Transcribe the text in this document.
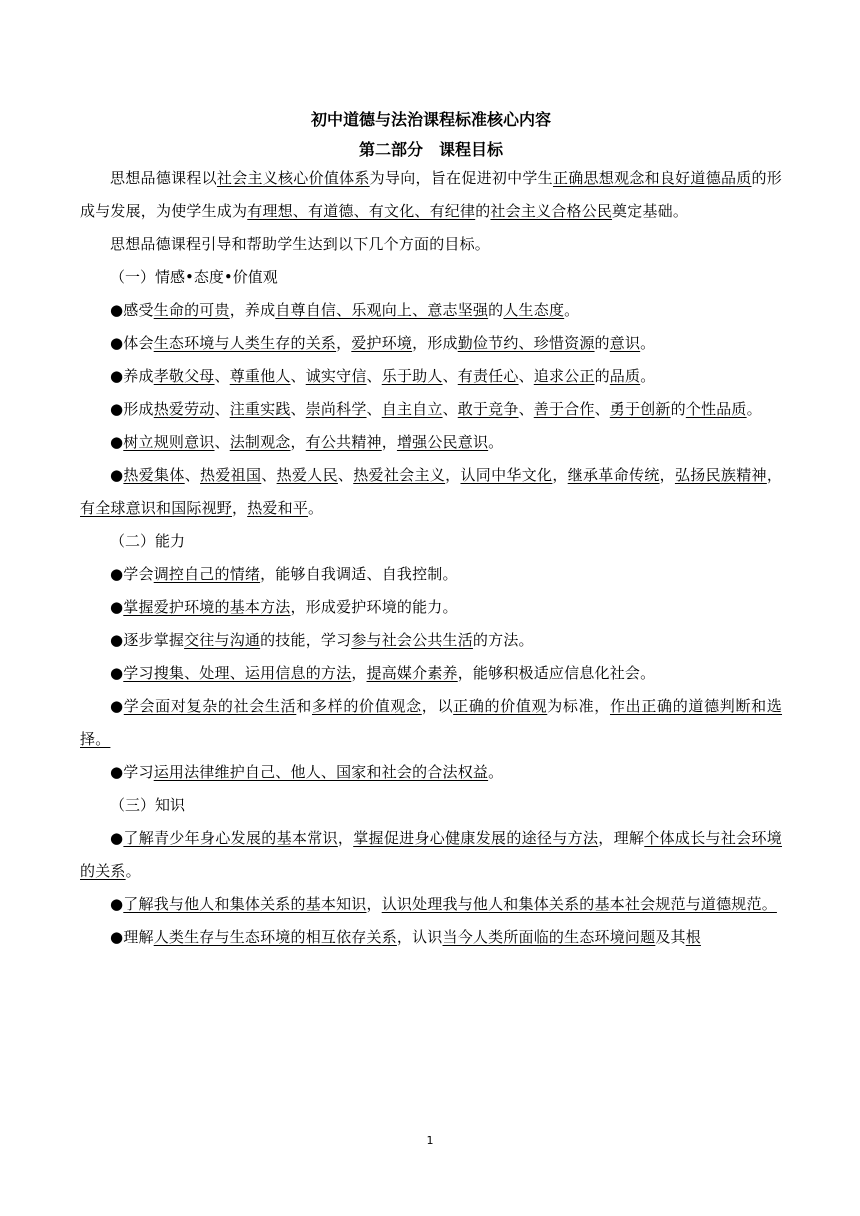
初中道德与法治课程标准核心内容
第二部分　课程目标

思想品德课程以社会主义核心价值体系为导向，旨在促进初中学生正确思想观念和良好道德品质的形成与发展，为使学生成为有理想、有道德、有文化、有纪律的社会主义合格公民奠定基础。

思想品德课程引导和帮助学生达到以下几个方面的目标。

（一）情感•态度•价值观

●感受生命的可贵，养成自尊自信、乐观向上、意志坚强的人生态度。

●体会生态环境与人类生存的关系，爱护环境，形成勤俭节约、珍惜资源的意识。

●养成孝敬父母、尊重他人、诚实守信、乐于助人、有责任心、追求公正的品质。

●形成热爱劳动、注重实践、崇尚科学、自主自立、敢于竞争、善于合作、勇于创新的个性品质。

●树立规则意识、法制观念，有公共精神，增强公民意识。

●热爱集体、热爱祖国、热爱人民、热爱社会主义，认同中华文化，继承革命传统，弘扬民族精神，有全球意识和国际视野，热爱和平。

（二）能力

●学会调控自己的情绪，能够自我调适、自我控制。

●掌握爱护环境的基本方法，形成爱护环境的能力。

●逐步掌握交往与沟通的技能，学习参与社会公共生活的方法。

●学习搜集、处理、运用信息的方法，提高媒介素养，能够积极适应信息化社会。

●学会面对复杂的社会生活和多样的价值观念，以正确的价值观为标准，作出正确的道德判断和选择。

●学习运用法律维护自己、他人、国家和社会的合法权益。

（三）知识

●了解青少年身心发展的基本常识，掌握促进身心健康发展的途径与方法，理解个体成长与社会环境的关系。

●了解我与他人和集体关系的基本知识，认识处理我与他人和集体关系的基本社会规范与道德规范。

●理解人类生存与生态环境的相互依存关系，认识当今人类所面临的生态环境问题及其根

1
